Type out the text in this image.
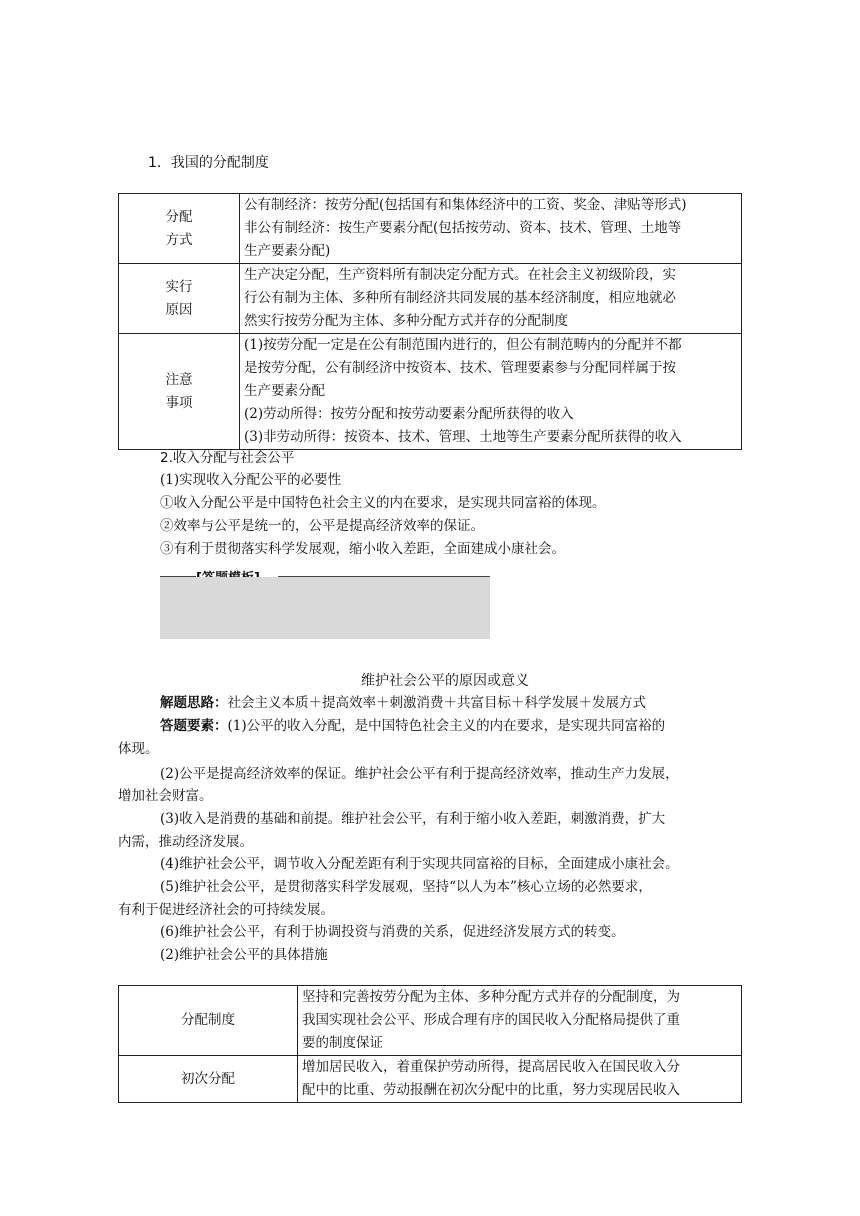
1．我国的分配制度
分配
方式	公有制经济：按劳分配(包括国有和集体经济中的工资、奖金、津贴等形式)
非公有制经济：按生产要素分配(包括按劳动、资本、技术、管理、土地等
生产要素分配)

实行
原因	生产决定分配，生产资料所有制决定分配方式。在社会主义初级阶段，实
行公有制为主体、多种所有制经济共同发展的基本经济制度，相应地就必
然实行按劳分配为主体、多种分配方式并存的分配制度

注意
事项	(1)按劳分配一定是在公有制范围内进行的，但公有制范畴内的分配并不都
是按劳分配，公有制经济中按资本、技术、管理要素参与分配同样属于按
生产要素分配
(2)劳动所得：按劳分配和按劳动要素分配所获得的收入
(3)非劳动所得：按资本、技术、管理、土地等生产要素分配所获得的收入
2.收入分配与社会公平
(1)实现收入分配公平的必要性
①收入分配公平是中国特色社会主义的内在要求，是实现共同富裕的体现。
②效率与公平是统一的，公平是提高经济效率的保证。
③有利于贯彻落实科学发展观，缩小收入差距，全面建成小康社会。
维护社会公平的原因或意义
解题思路：社会主义本质＋提高效率＋刺激消费＋共富目标＋科学发展＋发展方式
答题要素：(1)公平的收入分配，是中国特色社会主义的内在要求，是实现共同富裕的
体现。
(2)公平是提高经济效率的保证。维护社会公平有利于提高经济效率，推动生产力发展，
增加社会财富。
(3)收入是消费的基础和前提。维护社会公平，有利于缩小收入差距，刺激消费，扩大
内需，推动经济发展。
(4)维护社会公平，调节收入分配差距有利于实现共同富裕的目标，全面建成小康社会。
(5)维护社会公平，是贯彻落实科学发展观，坚持“以人为本”核心立场的必然要求，
有利于促进经济社会的可持续发展。
(6)维护社会公平，有利于协调投资与消费的关系，促进经济发展方式的转变。
(2)维护社会公平的具体措施
分配制度	坚持和完善按劳分配为主体、多种分配方式并存的分配制度，为
我国实现社会公平、形成合理有序的国民收入分配格局提供了重
要的制度保证

初次分配	增加居民收入，着重保护劳动所得，提高居民收入在国民收入分
配中的比重、劳动报酬在初次分配中的比重，努力实现居民收入
